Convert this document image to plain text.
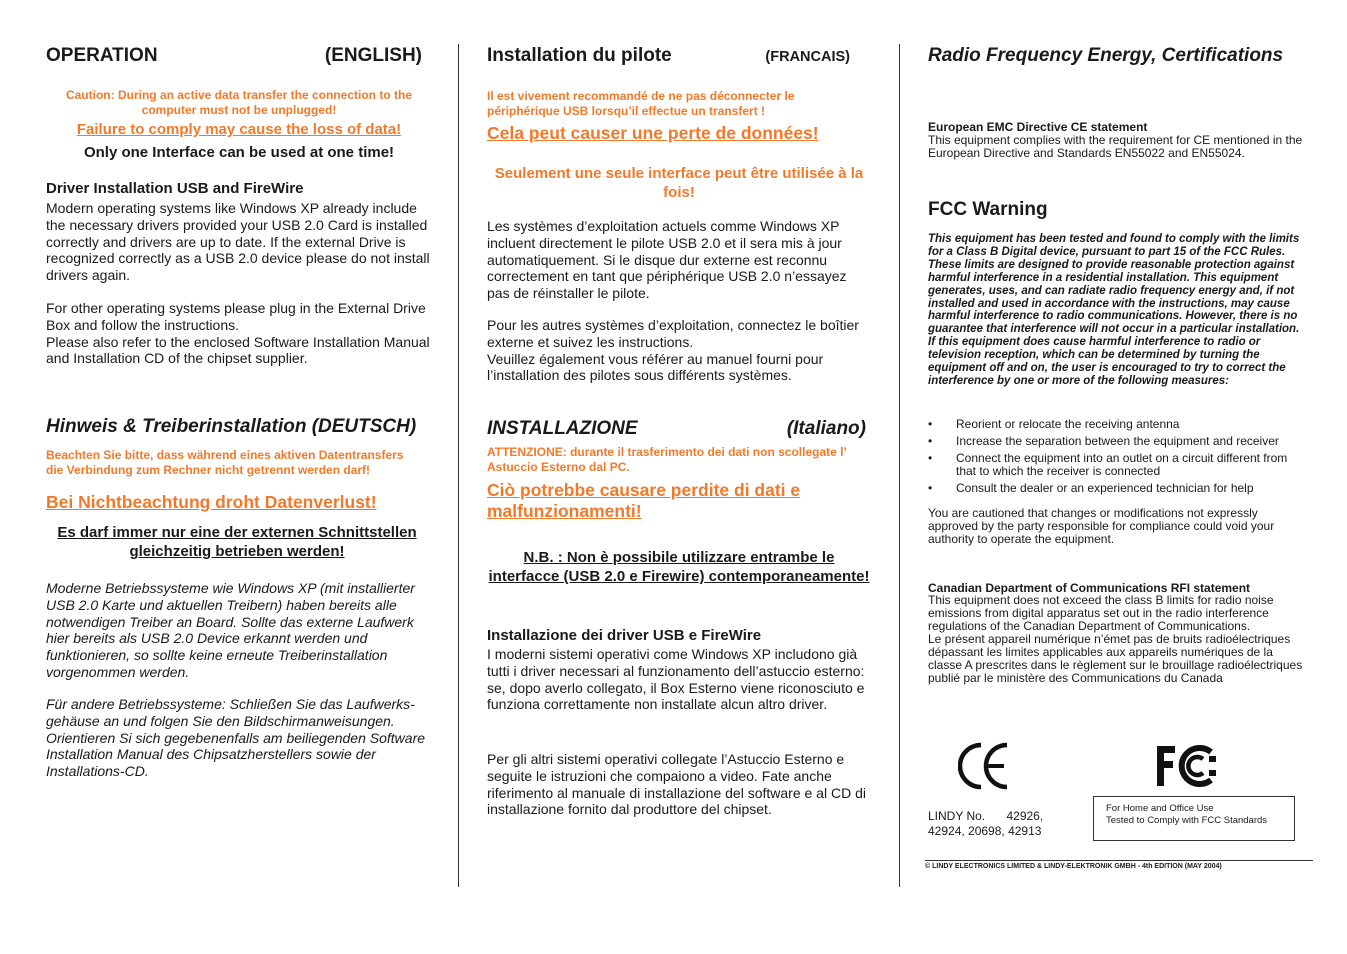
OPERATION	(ENGLISH)

Caution: During an active data transfer the connection to the computer must not be unplugged!

Failure to comply may cause the loss of data!

Only one Interface can be used at one time!

Driver Installation USB and FireWire

Modern operating systems like Windows XP already include the necessary drivers provided your USB 2.0 Card is installed correctly and drivers are up to date. If the external Drive is recognized correctly as a USB 2.0 device please do not install drivers again.

For other operating systems please plug in the External Drive Box and follow the instructions.
Please also refer to the enclosed Software Installation Manual and Installation CD of the chipset supplier.

Hinweis & Treiberinstallation (DEUTSCH)

Beachten Sie bitte, dass während eines aktiven Datentransfers die Verbindung zum Rechner nicht getrennt werden darf!

Bei Nichtbeachtung droht Datenverlust!

Es darf immer nur eine der externen Schnittstellen gleichzeitig betrieben werden!

Moderne Betriebssysteme wie Windows XP (mit installierter USB 2.0 Karte und aktuellen Treibern) haben bereits alle notwendigen Treiber an Board. Sollte das externe Laufwerk hier bereits als USB 2.0 Device erkannt werden und funktionieren, so sollte keine erneute Treiberinstallation vorgenommen werden.

Für andere Betriebssysteme: Schließen Sie das Laufwerks-gehäuse an und folgen Sie den Bildschirmanweisungen. Orientieren Si sich gegebenenfalls am beiliegenden Software Installation Manual des Chipsatzherstellers sowie der Installations-CD.

Installation du pilote	(FRANCAIS)

Il est vivement recommandé de ne pas déconnecter le périphérique USB lorsqu’il effectue un transfert !

Cela peut causer une perte de données!

Seulement une seule interface peut être utilisée à la fois!

Les systèmes d’exploitation actuels comme Windows XP incluent directement le pilote USB 2.0 et il sera mis à jour automatiquement. Si le disque dur externe est reconnu correctement en tant que périphérique USB 2.0 n’essayez pas de réinstaller le pilote.

Pour les autres systèmes d’exploitation, connectez le boîtier externe et suivez les instructions.
Veuillez également vous référer au manuel fourni pour l’installation des pilotes sous différents systèmes.

INSTALLAZIONE	(Italiano)

ATTENZIONE: durante il trasferimento dei dati non scollegate l’ Astuccio Esterno dal PC.

Ciò potrebbe causare perdite di dati e malfunzionamenti!

N.B. : Non è possibile utilizzare entrambe le interfacce (USB 2.0 e Firewire) contemporaneamente!

Installazione dei driver USB e FireWire

I moderni sistemi operativi come Windows XP includono già tutti i driver necessari al funzionamento dell’astuccio esterno: se, dopo averlo collegato, il Box Esterno viene riconosciuto e funziona correttamente non installate alcun altro driver.

Per gli altri sistemi operativi collegate l’Astuccio Esterno e seguite le istruzioni che compaiono a video. Fate anche riferimento al manuale di installazione del software e al CD di installazione fornito dal produttore del chipset.

Radio Frequency Energy, Certifications

European EMC Directive CE statement

This equipment complies with the requirement for CE mentioned in the European Directive and Standards EN55022 and EN55024.

FCC Warning

This equipment has been tested and found to comply with the limits for a Class B Digital device, pursuant to part 15 of the FCC Rules. These limits are designed to provide reasonable protection against harmful interference in a residential installation. This equipment generates, uses, and can radiate radio frequency energy and, if not installed and used in accordance with the instructions, may cause harmful interference to radio communications. However, there is no guarantee that interference will not occur in a particular installation. If this equipment does cause harmful interference to radio or television reception, which can be determined by turning the equipment off and on, the user is encouraged to try to correct the interference by one or more of the following measures:

• Reorient or relocate the receiving antenna

• Increase the separation between the equipment and receiver

• Connect the equipment into an outlet on a circuit different from that to which the receiver is connected

• Consult the dealer or an experienced technician for help

You are cautioned that changes or modifications not expressly approved by the party responsible for compliance could void your authority to operate the equipment.

Canadian Department of Communications RFI statement

This equipment does not exceed the class B limits for radio noise emissions from digital apparatus set out in the radio interference regulations of the Canadian Department of Communications.
Le présent appareil numérique n’émet pas de bruits radioélectriques dépassant les limites applicables aux appareils numériques de la classe A prescrites dans le règlement sur le brouillage radioélectriques publié par le ministère des Communications du Canada

LINDY No. 42926,
42924, 20698, 42913
For Home and Office Use
Tested to Comply with FCC Standards
© LINDY ELECTRONICS LIMITED & LINDY-ELEKTRONIK GMBH - 4th EDITION (MAY 2004)
